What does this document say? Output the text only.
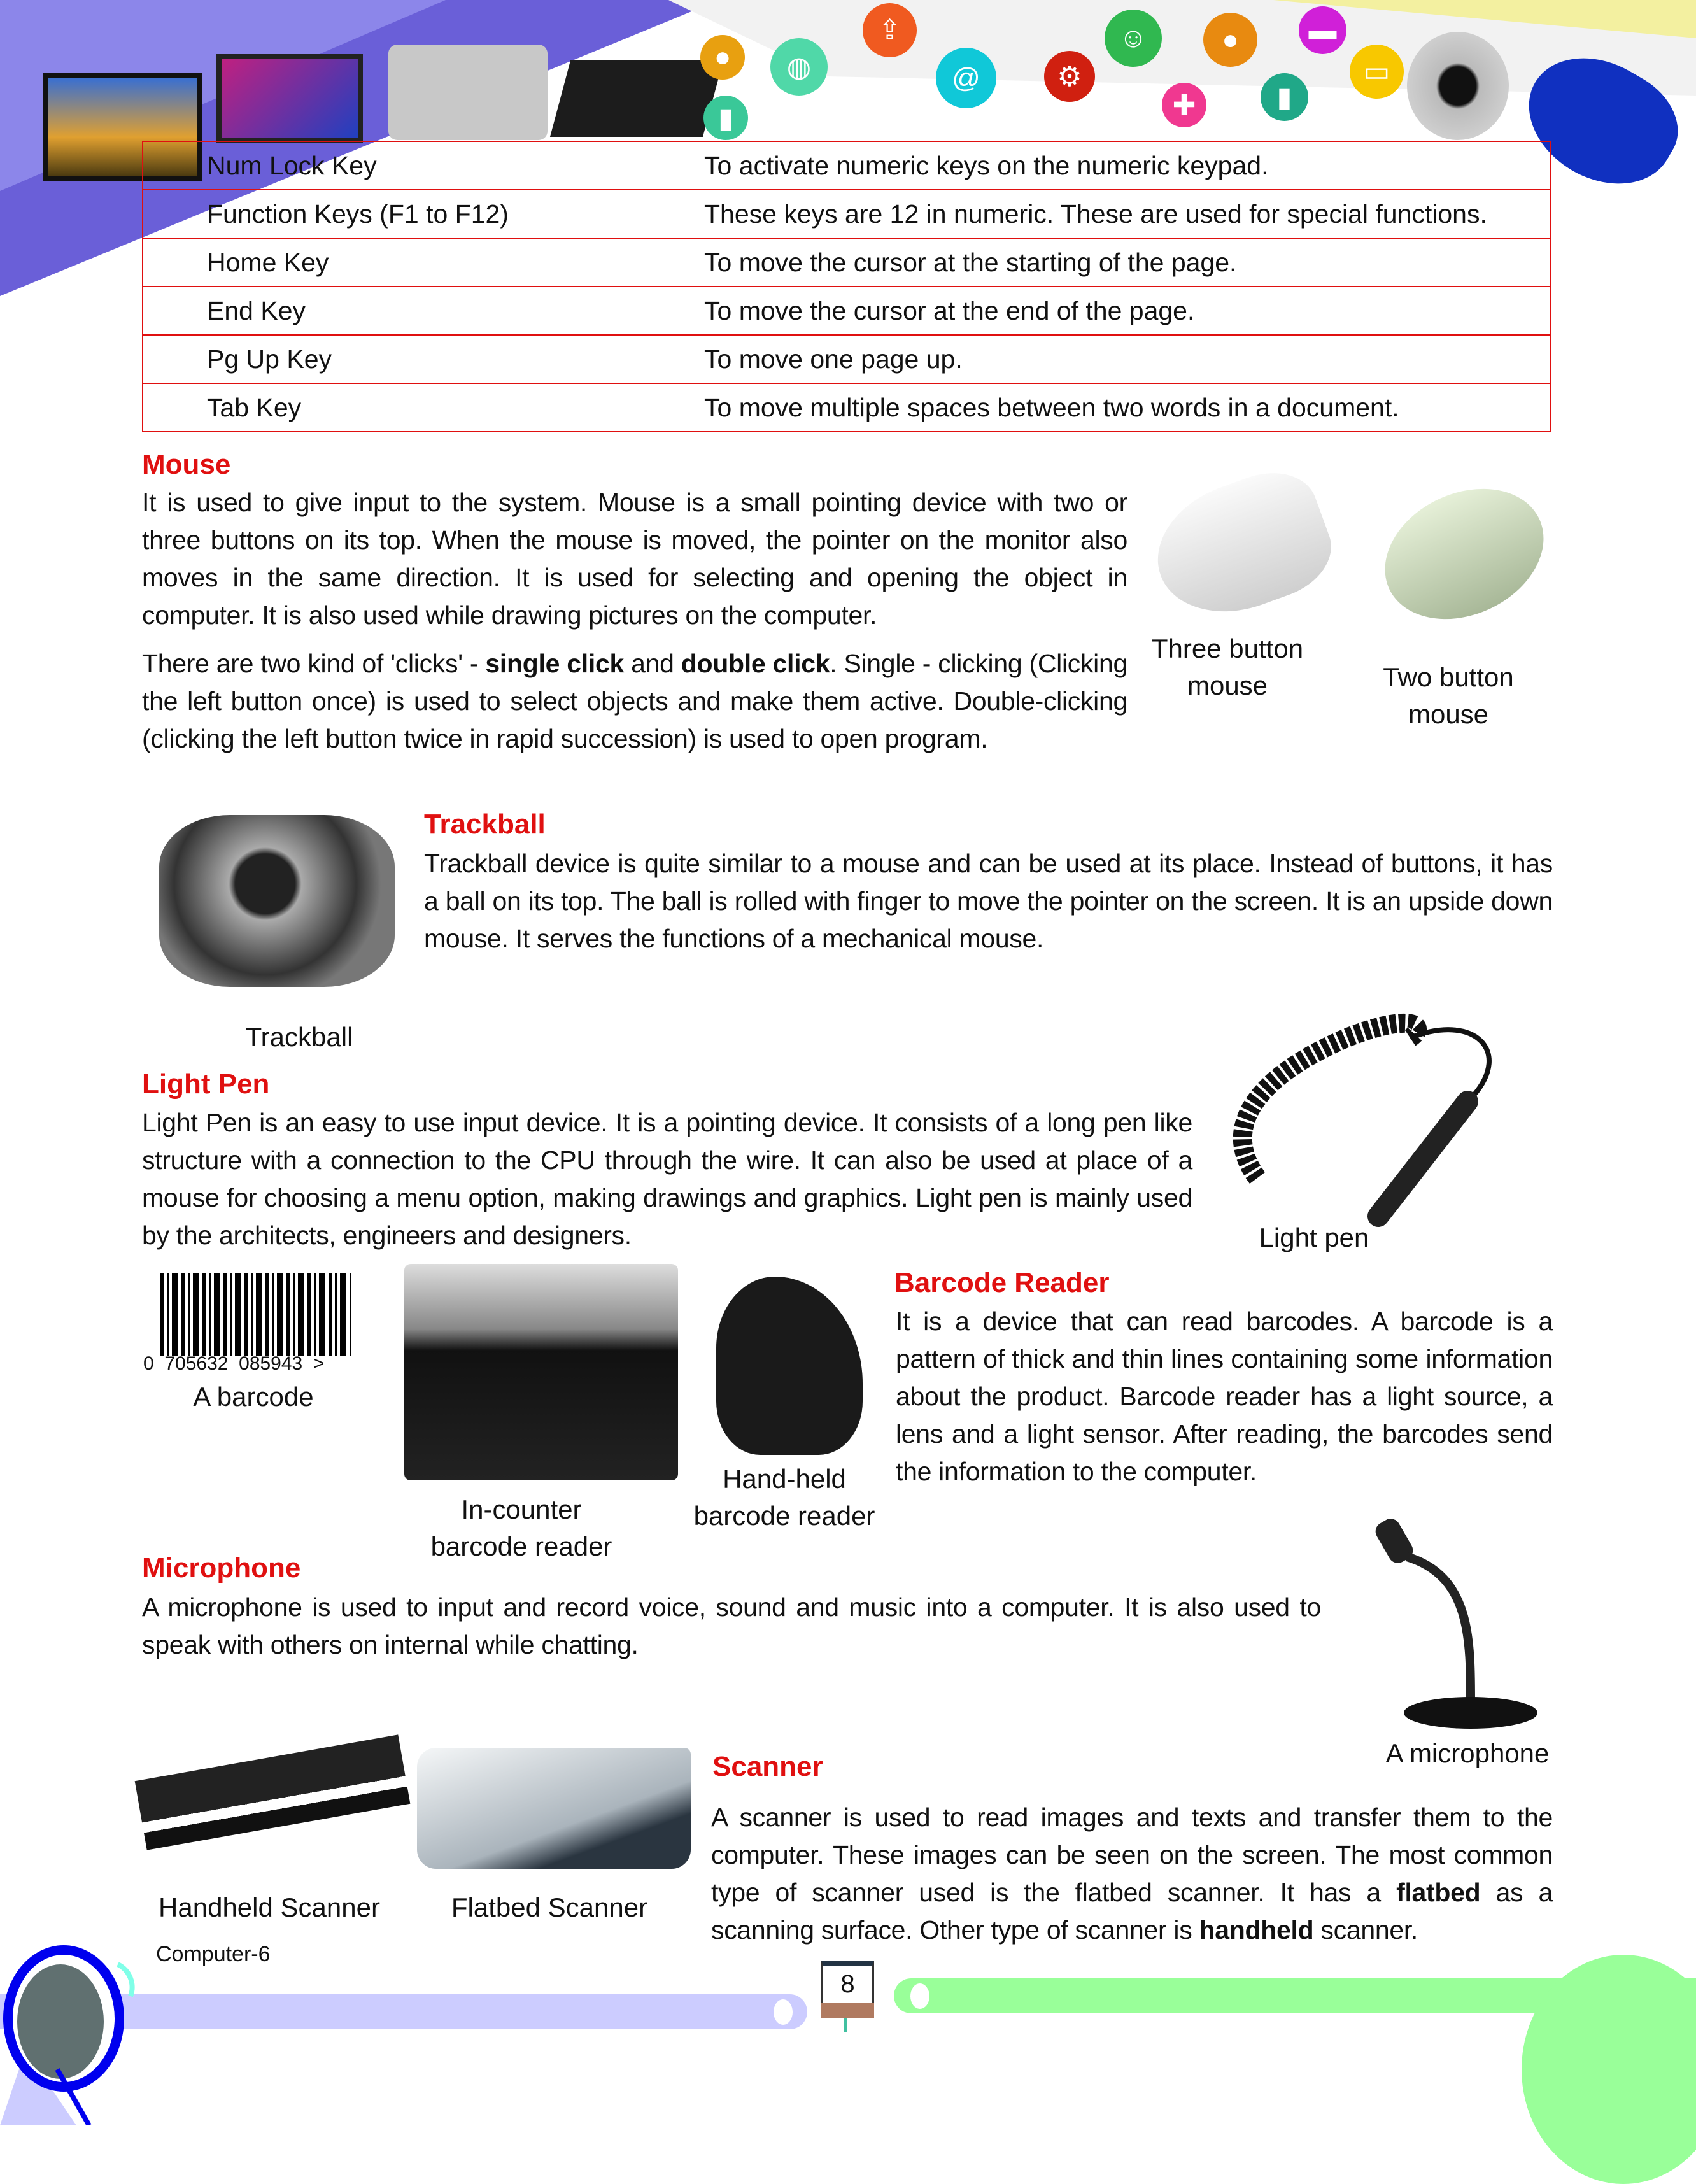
●
▮
◍
⇪
@	⚙
☺
✚
●
▮
▬
▭
Num Lock Key	To activate numeric keys on the numeric keypad.
Function Keys (F1 to F12)	These keys are 12 in numeric. These are used for special functions.
Home Key	To move the cursor at the starting of the page.
End Key	To move the cursor at the end of the page.
Pg Up Key	To move one page up.
Tab Key	To move multiple spaces between two words in a document.
Mouse
It is used to give input to the system. Mouse is a small pointing device with two or three buttons on its top. When the mouse is moved, the pointer on the monitor also moves in the same direction. It is used for selecting and opening the object in computer. It is also used while drawing pictures on the computer.
There are two kind of 'clicks' - single click and double click. Single - clicking (Clicking the left button once) is used to select objects and make them active. Double-clicking (clicking the left button twice in rapid succession) is used to open program.
Three button
mouse	Two button
mouse
Trackball
Trackball
Trackball device is quite similar to a mouse and can be used at its place. Instead of buttons, it has a ball on its top. The ball is rolled with finger to move the pointer on the screen. It is an upside down mouse. It serves the functions of a mechanical mouse.
Light Pen
Light Pen is an easy to use input device. It is a pointing device. It consists of a long pen like structure with a connection to the CPU through the wire. It can also be used at place of a mouse for choosing a menu option, making drawings and graphics. Light pen is mainly used by the architects, engineers and designers.	Light pen
0  705632  085943  >
A barcode
In-counter
barcode reader
Hand-held
barcode reader
Barcode Reader
It is a device that can read barcodes. A barcode is a pattern of thick and thin lines containing some information about the product. Barcode reader has a light source, a lens and a light sensor. After reading, the barcodes send the information to the computer.
Microphone
A microphone is used to input and record voice, sound and music into a computer. It is also used to speak with others on internal while chatting.
A microphone
Handheld Scanner	Flatbed Scanner
Scanner
A scanner is used to read images and texts and transfer them to the computer. These images can be seen on the screen. The most common type of scanner used is the flatbed scanner. It has a flatbed as a scanning surface. Other type of scanner is handheld scanner.
Computer-6
8
